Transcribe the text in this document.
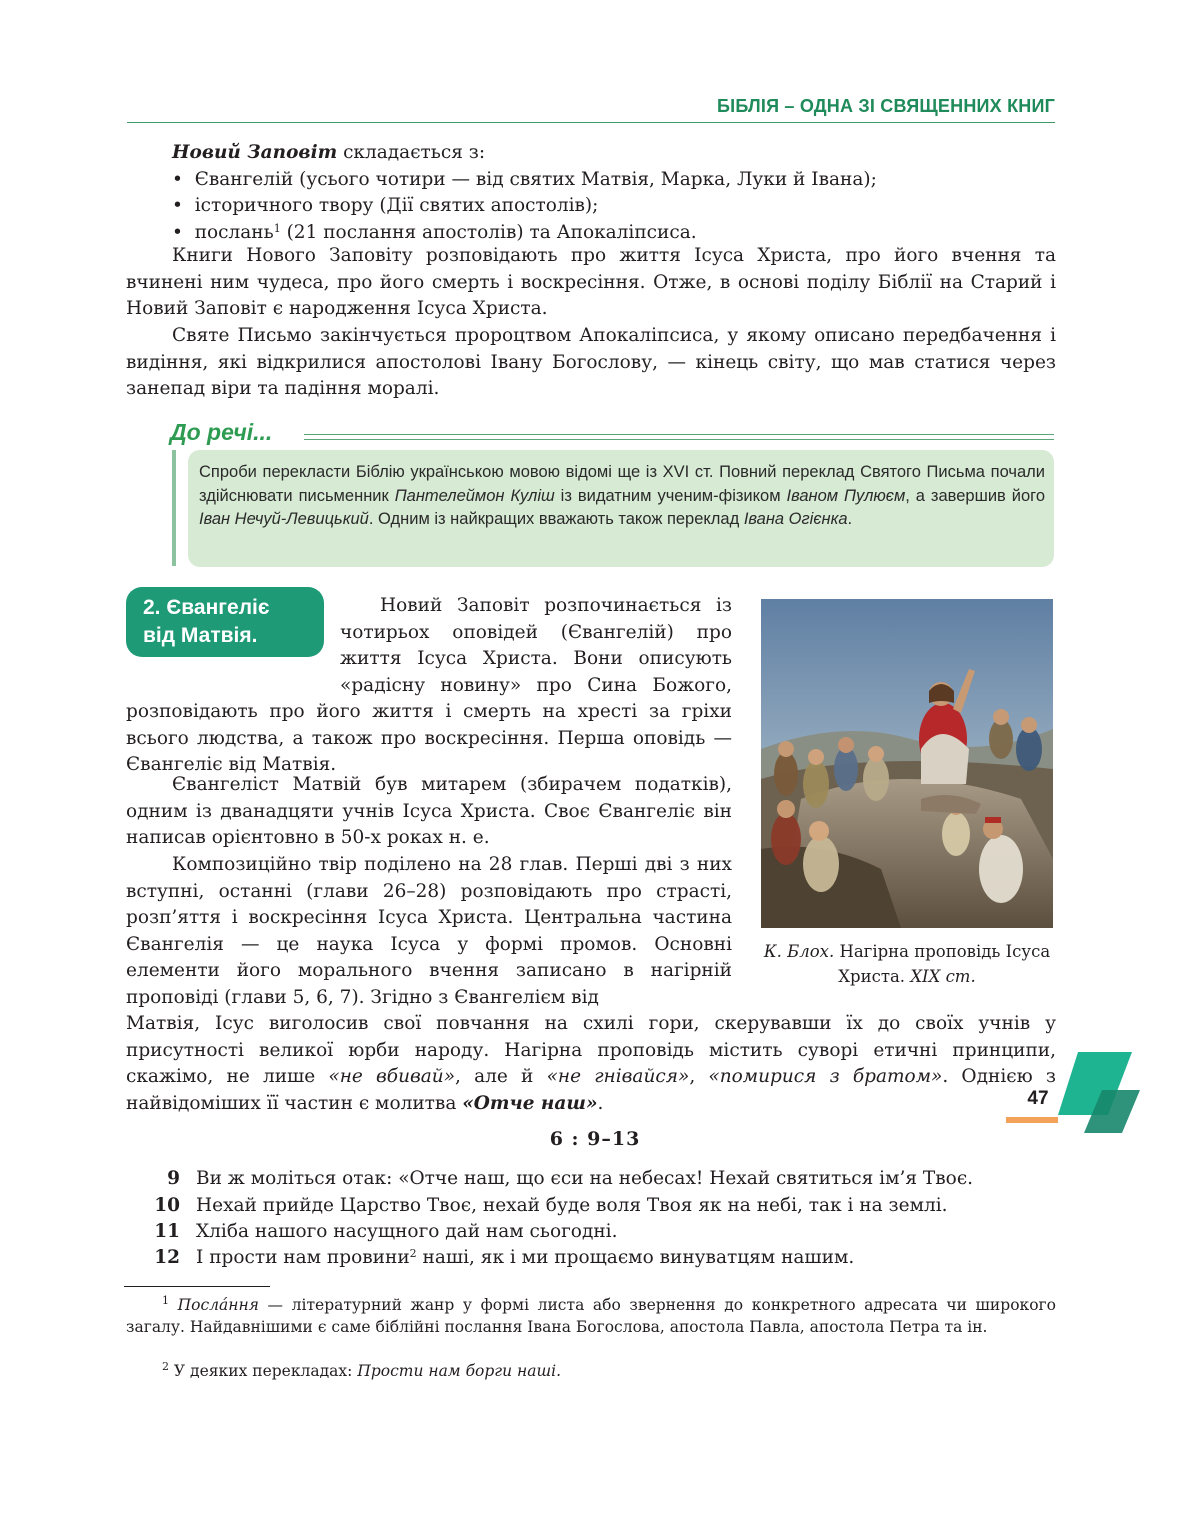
БІБЛІЯ – ОДНА ЗІ СВЯЩЕННИХ КНИГ
Новий Заповіт складається з:
•  Євангелій (усього чотири — від святих Матвія, Марка, Луки й Івана);
•  історичного твору (Дії святих апостолів);
•  послань$^1$ (21 послання апостолів) та Апокаліпсиса.

Книги Нового Заповіту розповідають про життя Ісуса Христа, про його вчення та вчинені ним чудеса, про його смерть і воскресіння. Отже, в основі поділу Біблії на Старий і Новий Заповіт є народження Ісуса Христа.

Святе Письмо закінчується пророцтвом Апокаліпсиса, у якому описано передбачення і видіння, які відкрилися апостолові Івану Богослову, — кінець світу, що мав статися через занепад віри та падіння моралі.

До речі...

Спроби перекласти Біблію українською мовою відомі ще із XVI ст. Повний переклад Святого Письма почали здійснювати письменник Пантелеймон Куліш із видатним ученим-фізиком Іваном Пулюєм, а завершив його Іван Нечуй-Левицький. Одним із найкращих вважають також переклад Івана Огієнка.

2. Євангеліє
від Матвія.

Новий Заповіт розпочинається із чотирьох оповідей (Євангелій) про життя Ісуса Христа. Вони описують «радісну новину» про Сина Божого, розповідають про його життя і смерть на хресті за гріхи всього людства, а також про воскресіння. Перша оповідь — Євангеліє від Матвія.

Євангеліст Матвій був митарем (збирачем податків), одним із дванадцяти учнів Ісуса Христа. Своє Євангеліє він написав орієнтовно в 50-х роках н. е.

Композиційно твір поділено на 28 глав. Перші дві з них вступні, останні (глави 26–28) розповідають про страсті, розп’яття і воскресіння Ісуса Христа. Центральна частина Євангелія — це наука Ісуса у формі промов. Основні елементи його морального вчення записано в нагірній проповіді (глави 5, 6, 7). Згідно з Євангелієм від

Матвія, Ісус виголосив свої повчання на схилі гори, скерувавши їх до своїх учнів у присутності великої юрби народу. Нагірна проповідь містить суворі етичні принципи, скажімо, не лише «не вбивай», але й «не гнівайся», «помирися з братом». Однією з найвідоміших її частин є молитва «Отче наш».

К. Блох. Нагірна проповідь Ісуса Христа. XIX ст.
6 : 9–13
9 Ви ж моліться отак: «Отче наш, що єси на небесах! Нехай святиться ім’я Твоє.
10 Нехай прийде Царство Твоє, нехай буде воля Твоя як на небі, так і на землі.
11 Хліба нашого насущного дай нам сьогодні.
12 І прости нам провини$^2$ наші, як і ми прощаємо винуватцям нашим.

$^1$ Посла́ння — літературний жанр у формі листа або звернення до конкретного адресата чи широкого загалу. Найдавнішими є саме біблійні послання Івана Богослова, апостола Павла, апостола Петра та ін.

$^2$ У деяких перекладах: Прости нам борги наші.

47
